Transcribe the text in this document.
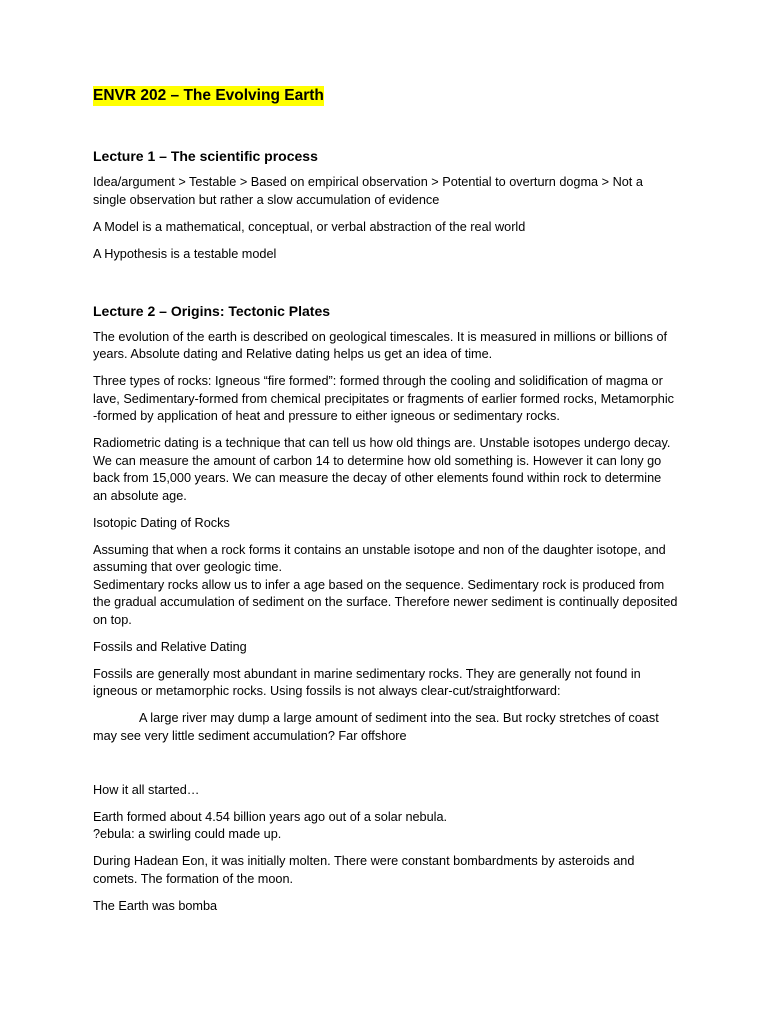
ENVR 202 – The Evolving Earth
Lecture 1 – The scientific process

Idea/argument > Testable > Based on empirical observation > Potential to overturn dogma > Not a single observation but rather a slow accumulation of evidence

A Model is a mathematical, conceptual, or verbal abstraction of the real world

A Hypothesis is a testable model

Lecture 2 – Origins: Tectonic Plates

The evolution of the earth is described on geological timescales. It is measured in millions or billions of years. Absolute dating and Relative dating helps us get an idea of time.

Three types of rocks: Igneous “fire formed”: formed through the cooling and solidification of magma or lave, Sedimentary-formed from chemical precipitates or fragments of earlier formed rocks, Metamorphic -formed by application of heat and pressure to either igneous or sedimentary rocks.

Radiometric dating is a technique that can tell us how old things are. Unstable isotopes undergo decay. We can measure the amount of carbon 14 to determine how old something is. However it can lony go back from 15,000 years. We can measure the decay of other elements found within rock to determine an absolute age.

Isotopic Dating of Rocks

Assuming that when a rock forms it contains an unstable isotope and non of the daughter isotope, and assuming that over geologic time.
Sedimentary rocks allow us to infer a age based on the sequence. Sedimentary rock is produced from the gradual accumulation of sediment on the surface. Therefore newer sediment is continually deposited on top.

Fossils and Relative Dating

Fossils are generally most abundant in marine sedimentary rocks. They are generally not found in igneous or metamorphic rocks. Using fossils is not always clear-cut/straightforward:

A large river may dump a large amount of sediment into the sea. But rocky stretches of coast may see very little sediment accumulation? Far offshore

How it all started…

Earth formed about 4.54 billion years ago out of a solar nebula.
?ebula: a swirling could made up.

During Hadean Eon, it was initially molten. There were constant bombardments by asteroids and comets. The formation of the moon.

The Earth was bomba
